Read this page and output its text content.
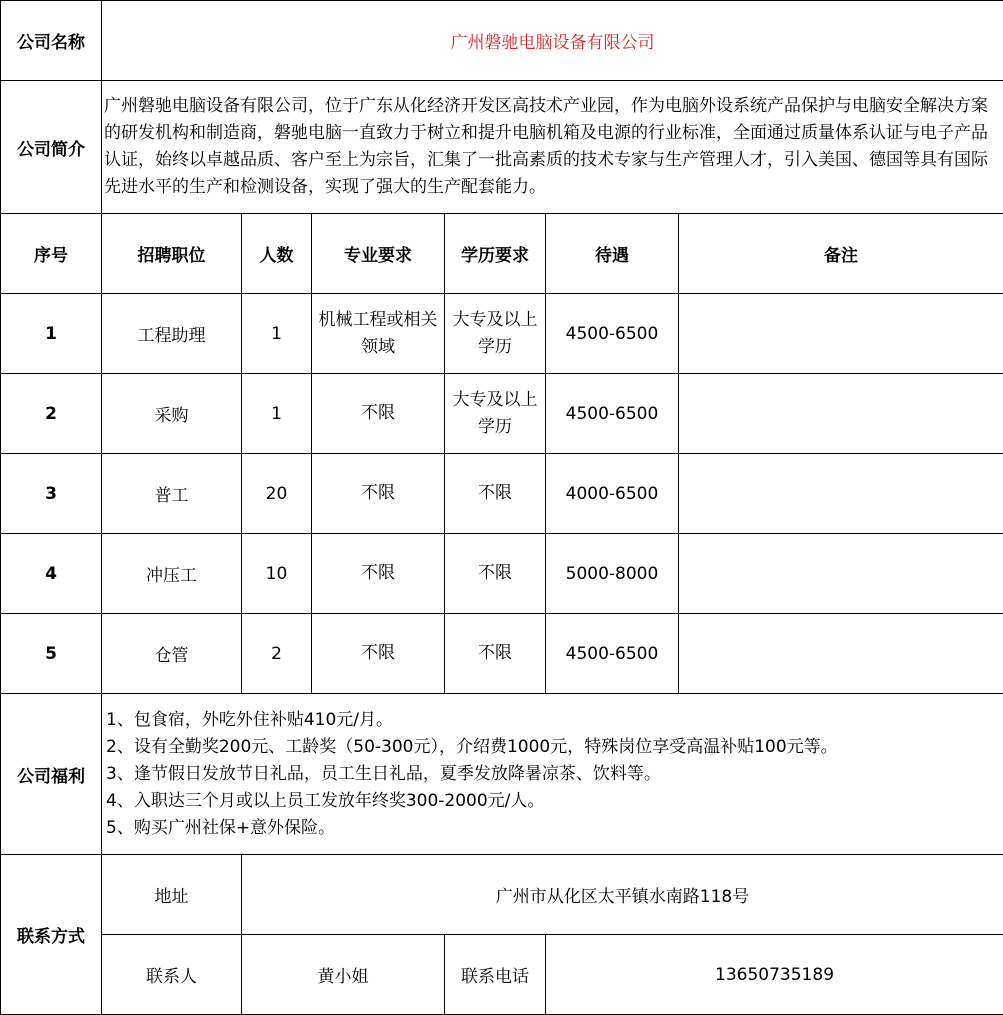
公司名称	广州磐驰电脑设备有限公司					
公司简介	广州磐驰电脑设备有限公司，位于广东从化经济开发区高技术产业园，作为电脑外设系统产品保护与电脑安全解决方案的研发机构和制造商，磐驰电脑一直致力于树立和提升电脑机箱及电源的行业标准，全面通过质量体系认证与电子产品认证，始终以卓越品质、客户至上为宗旨，汇集了一批高素质的技术专家与生产管理人才，引入美国、德国等具有国际先进水平的生产和检测设备，实现了强大的生产配套能力。					
序号	招聘职位	人数	专业要求	学历要求	待遇	备注
1	工程助理	1	机械工程或相关领域	大专及以上学历	4500-6500	
2	采购	1	不限	大专及以上学历	4500-6500	
3	普工	20	不限	不限	4000-6500	
4	冲压工	10	不限	不限	5000-8000	
5	仓管	2	不限	不限	4500-6500	
公司福利	1、包食宿，外吃外住补贴410元/月。
2、设有全勤奖200元、工龄奖（50-300元），介绍费1000元，特殊岗位享受高温补贴100元等。
3、逢节假日发放节日礼品，员工生日礼品，夏季发放降暑凉茶、饮料等。
4、入职达三个月或以上员工发放年终奖300-2000元/人。
5、购买广州社保+意外保险。					

联系方式	地址	广州市从化区太平镇水南路118号				
	联系人	黄小姐		联系电话	13650735189	
